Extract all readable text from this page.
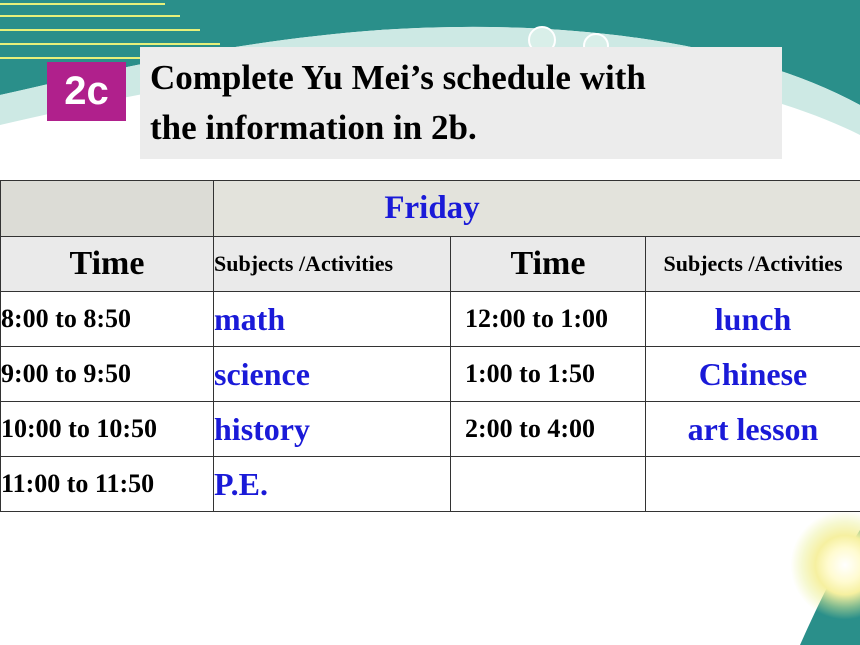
2c	Complete Yu Mei’s schedule with
the information in 2b.
	Friday		
Time	Subjects /Activities	Time	Subjects /Activities
8:00 to 8:50	math	12:00 to 1:00	lunch
9:00 to 9:50	science	1:00 to 1:50	Chinese
10:00 to 10:50	history	2:00 to 4:00	art lesson
11:00 to 11:50	P.E.		
